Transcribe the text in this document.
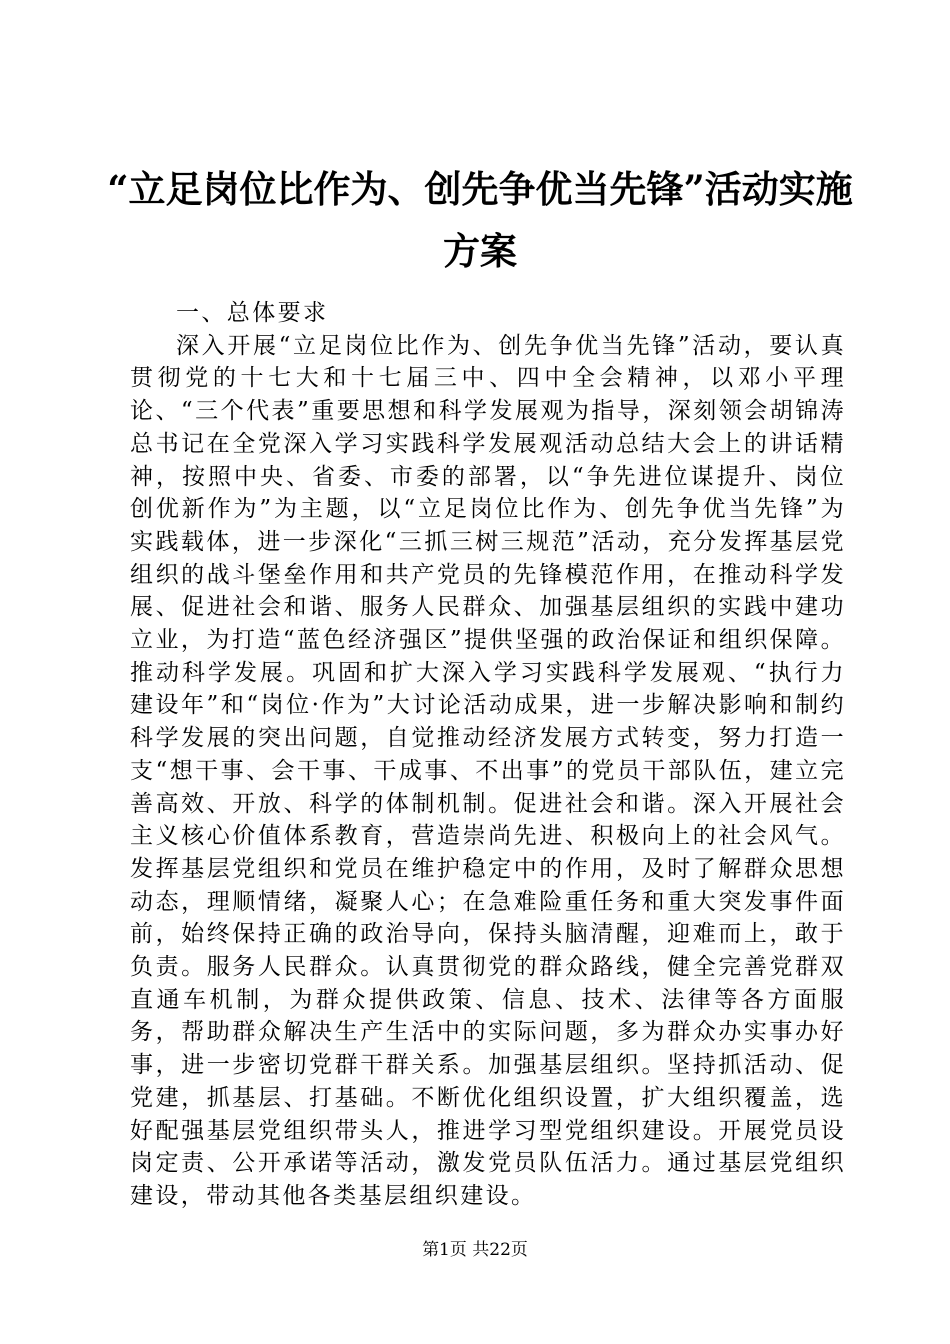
“立足岗位比作为、创先争优当先锋”活动实施方案

一、总体要求

深入开展“立足岗位比作为、创先争优当先锋”活动，要认真贯彻党的十七大和十七届三中、四中全会精神，以邓小平理论、“三个代表”重要思想和科学发展观为指导，深刻领会胡锦涛总书记在全党深入学习实践科学发展观活动总结大会上的讲话精神，按照中央、省委、市委的部署，以“争先进位谋提升、岗位创优新作为”为主题，以“立足岗位比作为、创先争优当先锋”为实践载体，进一步深化“三抓三树三规范”活动，充分发挥基层党组织的战斗堡垒作用和共产党员的先锋模范作用，在推动科学发展、促进社会和谐、服务人民群众、加强基层组织的实践中建功立业，为打造“蓝色经济强区”提供坚强的政治保证和组织保障。推动科学发展。巩固和扩大深入学习实践科学发展观、“执行力建设年”和“岗位·作为”大讨论活动成果，进一步解决影响和制约科学发展的突出问题，自觉推动经济发展方式转变，努力打造一支“想干事、会干事、干成事、不出事”的党员干部队伍，建立完善高效、开放、科学的体制机制。促进社会和谐。深入开展社会主义核心价值体系教育，营造崇尚先进、积极向上的社会风气。发挥基层党组织和党员在维护稳定中的作用，及时了解群众思想动态，理顺情绪，凝聚人心；在急难险重任务和重大突发事件面前，始终保持正确的政治导向，保持头脑清醒，迎难而上，敢于负责。服务人民群众。认真贯彻党的群众路线，健全完善党群双直通车机制，为群众提供政策、信息、技术、法律等各方面服务，帮助群众解决生产生活中的实际问题，多为群众办实事办好事，进一步密切党群干群关系。加强基层组织。坚持抓活动、促党建，抓基层、打基础。不断优化组织设置，扩大组织覆盖，选好配强基层党组织带头人，推进学习型党组织建设。开展党员设岗定责、公开承诺等活动，激发党员队伍活力。通过基层党组织建设，带动其他各类基层组织建设。

第1页 共22页
